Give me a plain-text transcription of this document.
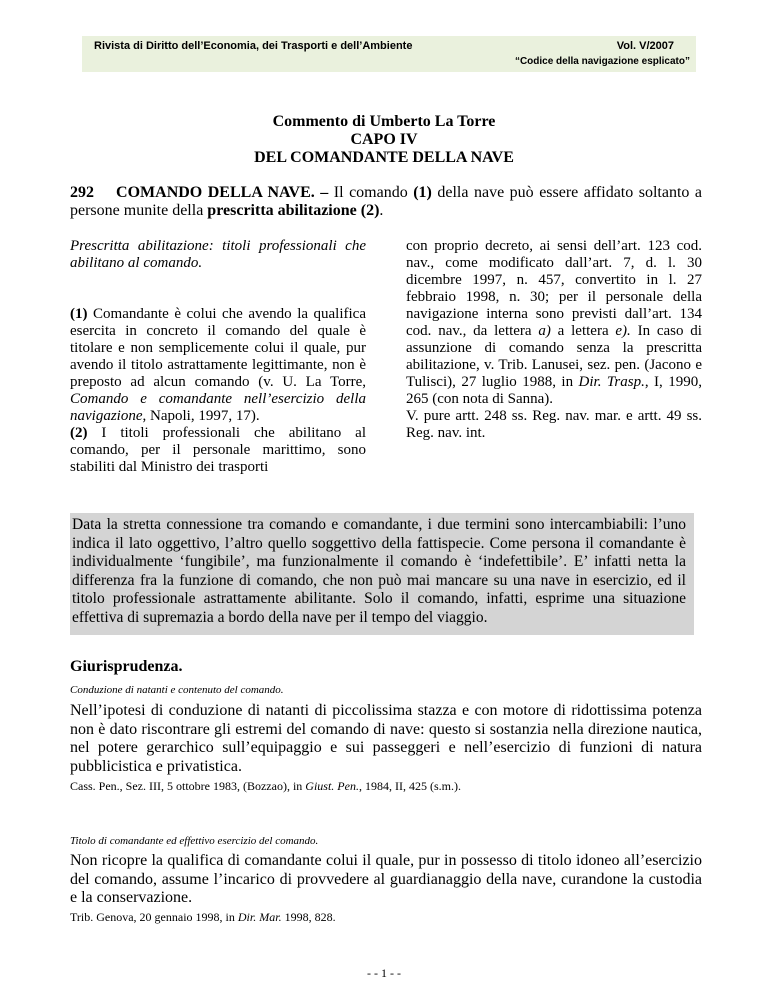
Rivista di Diritto dell’Economia, dei Trasporti e dell’Ambiente	Vol. V/2007
“Codice della navigazione esplicato”
Commento di Umberto La Torre
CAPO IV
DEL COMANDANTE DELLA NAVE
292 COMANDO DELLA NAVE. – Il comando (1) della nave può essere affidato soltanto a persone munite della prescritta abilitazione (2).
Prescritta abilitazione: titoli professionali che abilitano al comando.
(1) Comandante è colui che avendo la qualifica esercita in concreto il comando del quale è titolare e non semplicemente colui il quale, pur avendo il titolo astrattamente legittimante, non è preposto ad alcun comando (v. U. La Torre, Comando e comandante nell’esercizio della navigazione, Napoli, 1997, 17).
(2) I titoli professionali che abilitano al comando, per il personale marittimo, sono stabiliti dal Ministro dei trasporti
con proprio decreto, ai sensi dell’art. 123 cod. nav., come modificato dall’art. 7, d. l. 30 dicembre 1997, n. 457, convertito in l. 27 febbraio 1998, n. 30; per il personale della navigazione interna sono previsti dall’art. 134 cod. nav., da lettera a) a lettera e). In caso di assunzione di comando senza la prescritta abilitazione, v. Trib. Lanusei, sez. pen. (Jacono e Tulisci), 27 luglio 1988, in Dir. Trasp., I, 1990, 265 (con nota di Sanna).
V. pure artt. 248 ss. Reg. nav. mar. e artt. 49 ss. Reg. nav. int.
Data la stretta connessione tra comando e comandante, i due termini sono intercambiabili: l’uno indica il lato oggettivo, l’altro quello soggettivo della fattispecie. Come persona il comandante è individualmente ‘fungibile’, ma funzionalmente il comando è ‘indefettibile’. E’ infatti netta la differenza fra la funzione di comando, che non può mai mancare su una nave in esercizio, ed il titolo professionale astrattamente abilitante. Solo il comando, infatti, esprime una situazione effettiva di supremazia a bordo della nave per il tempo del viaggio.
Giurisprudenza.
Conduzione di natanti e contenuto del comando.
Nell’ipotesi di conduzione di natanti di piccolissima stazza e con motore di ridottissima potenza non è dato riscontrare gli estremi del comando di nave: questo si sostanzia nella direzione nautica, nel potere gerarchico sull’equipaggio e sui passeggeri e nell’esercizio di funzioni di natura pubblicistica e privatistica.
Cass. Pen., Sez. III, 5 ottobre 1983, (Bozzao), in Giust. Pen., 1984, II, 425 (s.m.).
Titolo di comandante ed effettivo esercizio del comando.
Non ricopre la qualifica di comandante colui il quale, pur in possesso di titolo idoneo all’esercizio del comando, assume l’incarico di provvedere al guardianaggio della nave, curandone la custodia e la conservazione.
Trib. Genova, 20 gennaio 1998, in Dir. Mar. 1998, 828.
- - 1 - -
